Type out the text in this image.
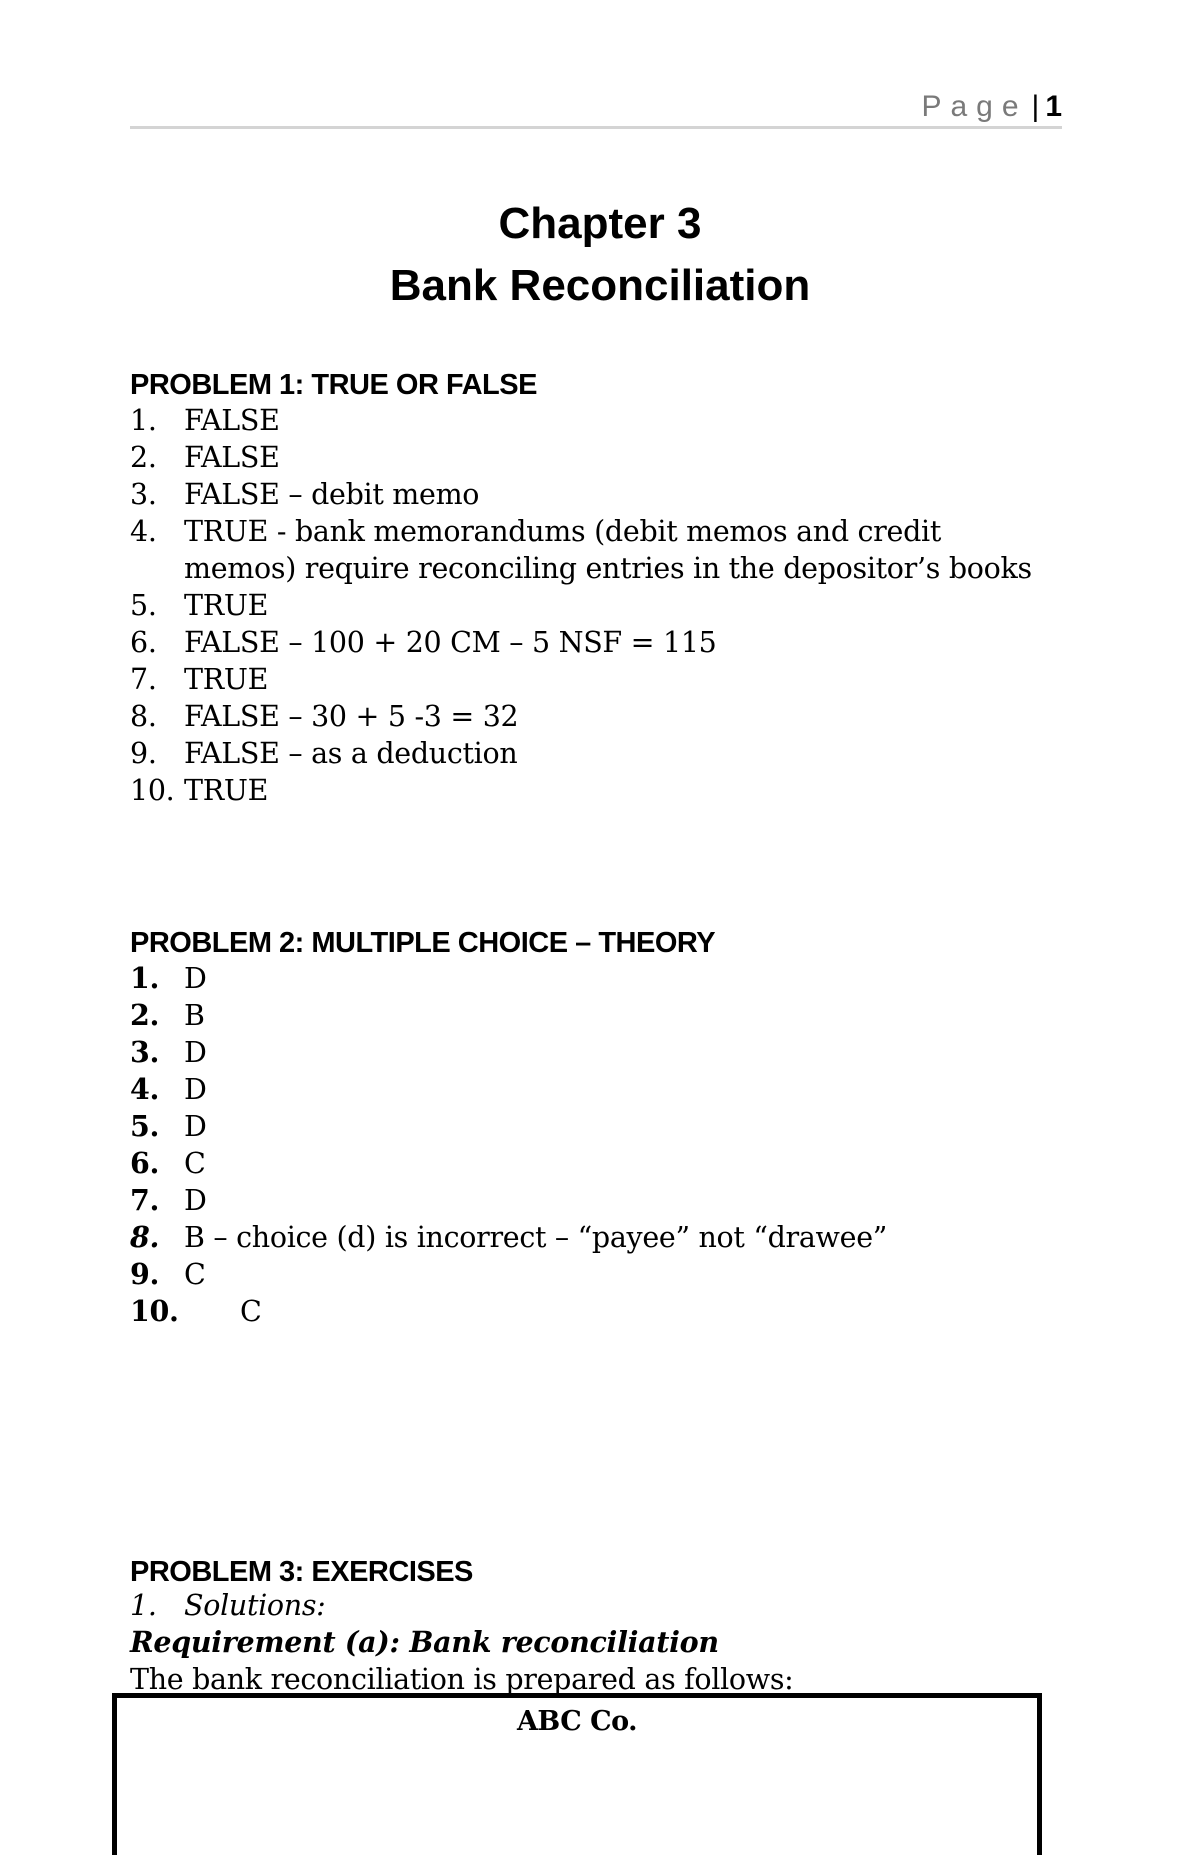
Page | 1
Chapter 3
Bank Reconciliation
PROBLEM 1: TRUE OR FALSE
1. FALSE
2. FALSE
3. FALSE – debit memo
4. TRUE - bank memorandums (debit memos and credit memos) require reconciling entries in the depositor’s books
5. TRUE
6. FALSE – 100 + 20 CM – 5 NSF = 115
7. TRUE
8. FALSE – 30 + 5 -3 = 32
9. FALSE – as a deduction
10. TRUE
PROBLEM 2: MULTIPLE CHOICE – THEORY
1. D
2. B
3. D
4. D
5. D
6. C
7. D
8. B – choice (d) is incorrect – “payee” not “drawee”
9. C
10.	C
PROBLEM 3: EXERCISES
1. Solutions:
Requirement (a): Bank reconciliation
The bank reconciliation is prepared as follows:
ABC Co.
